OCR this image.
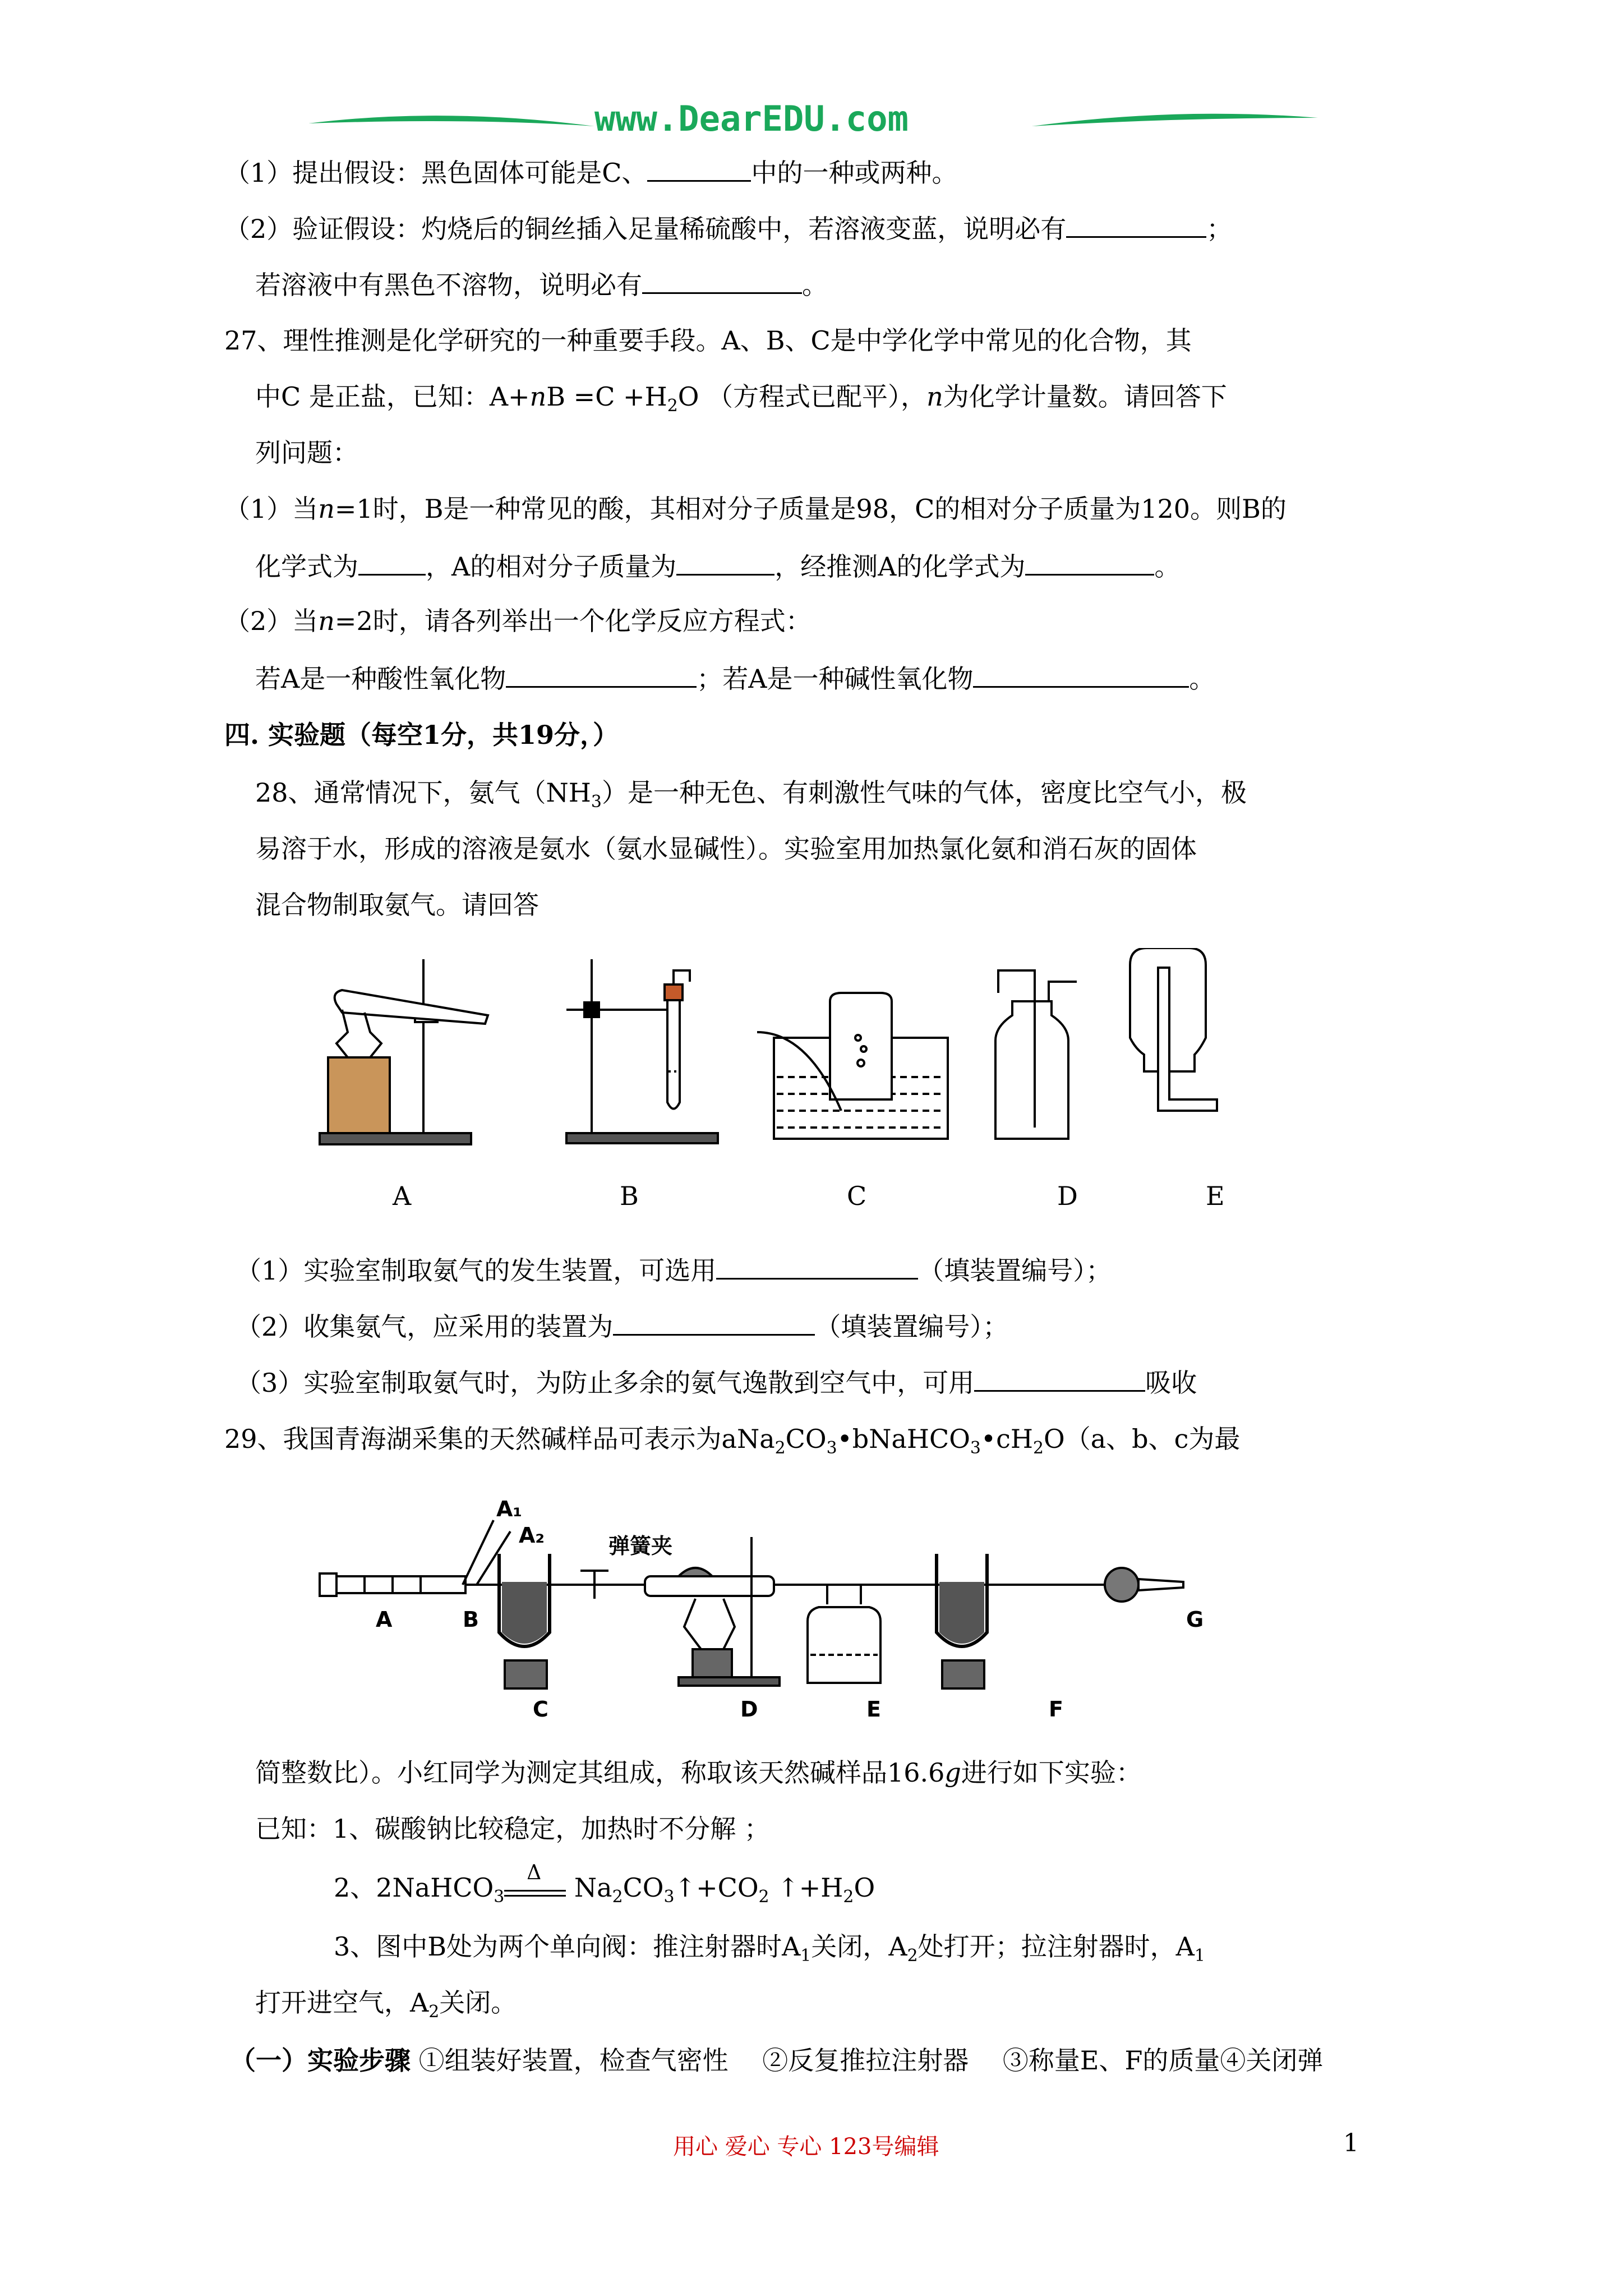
www.DearEDU.com
（1）提出假设：黑色固体可能是C、	中的一种或两种。
（2）验证假设：灼烧后的铜丝插入足量稀硫酸中，若溶液变蓝，说明必有	；
若溶液中有黑色不溶物，说明必有	。
27、理性推测是化学研究的一种重要手段。A、B、C是中学化学中常见的化合物，其
中C 是正盐，已知：$A+nB =C +H_2O$ （方程式已配平），n为化学计量数。请回答下
列问题：
（1）当n=1时，B是一种常见的酸，其相对分子质量是98，C的相对分子质量为120。则B的
化学式为	，A的相对分子质量为	，经推测A的化学式为	。
（2）当n=2时，请各列举出一个化学反应方程式：
若A是一种酸性氧化物	；若A是一种碱性氧化物	。
四. 实验题（每空1分，共19分，）
28、通常情况下，氨气$(NH_3)$是一种无色、有刺激性气味的气体，密度比空气小，极
易溶于水，形成的溶液是氨水（氨水显碱性）。实验室用加热氯化氨和消石灰的固体
混合物制取氨气。请回答
A	B	C	D	E
（1）实验室制取氨气的发生装置，可选用	（填装置编号）；
（2）收集氨气，应采用的装置为	（填装置编号）；
（3）实验室制取氨气时，为防止多余的氨气逸散到空气中，可用	吸收
29、我国青海湖采集的天然碱样品可表示为$aNa_2CO_3•bNaHCO_3•cH_2O(a$、b、c为最
A₁
A₂	弹簧夹
A	B
C	D	E	F
G
简整数比）。小红同学为测定其组成，称取该天然碱样品16.6g进行如下实验：
已知：1、碳酸钠比较稳定，加热时不分解 ；
2、2NaHCO$_3$
Δ $Na_2CO_3↑+CO_2$ $↑+H_2O$
3、图中B处为两个单向阀：推注射器时$A_1$关闭，$A_2$处打开；拉注射器时，$A_1$
打开进空气，$A_2$关闭。
（一）实验步骤 ①组装好装置，检查气密性 　②反复推拉注射器 　③称量E、F的质量④关闭弹
用心 爱心 专心 123号编辑	1
